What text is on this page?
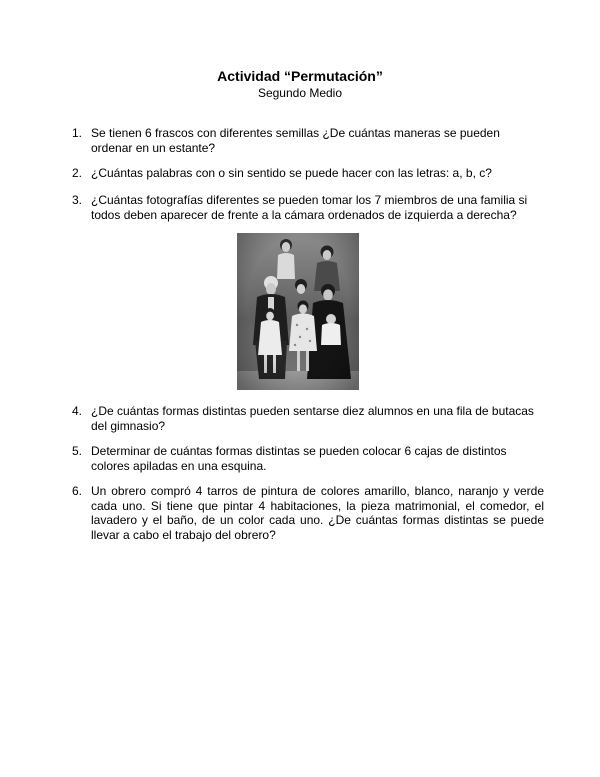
Actividad “Permutación”
Segundo Medio
1. Se tienen 6 frascos con diferentes semillas ¿De cuántas maneras se pueden ordenar en un estante?
2. ¿Cuántas palabras con o sin sentido se puede hacer con las letras: a, b, c?
3. ¿Cuántas fotografías diferentes se pueden tomar los 7 miembros de una familia si todos deben aparecer de frente a la cámara ordenados de izquierda a derecha?
4. ¿De cuántas formas distintas pueden sentarse diez alumnos en una fila de butacas del gimnasio?
5. Determinar de cuántas formas distintas se pueden colocar 6 cajas de distintos colores apiladas en una esquina.
6. Un obrero compró 4 tarros de pintura de colores amarillo, blanco, naranjo y verde cada uno. Si tiene que pintar 4 habitaciones, la pieza matrimonial, el comedor, el lavadero y el baño, de un color cada uno. ¿De cuántas formas distintas se puede llevar a cabo el trabajo del obrero?
